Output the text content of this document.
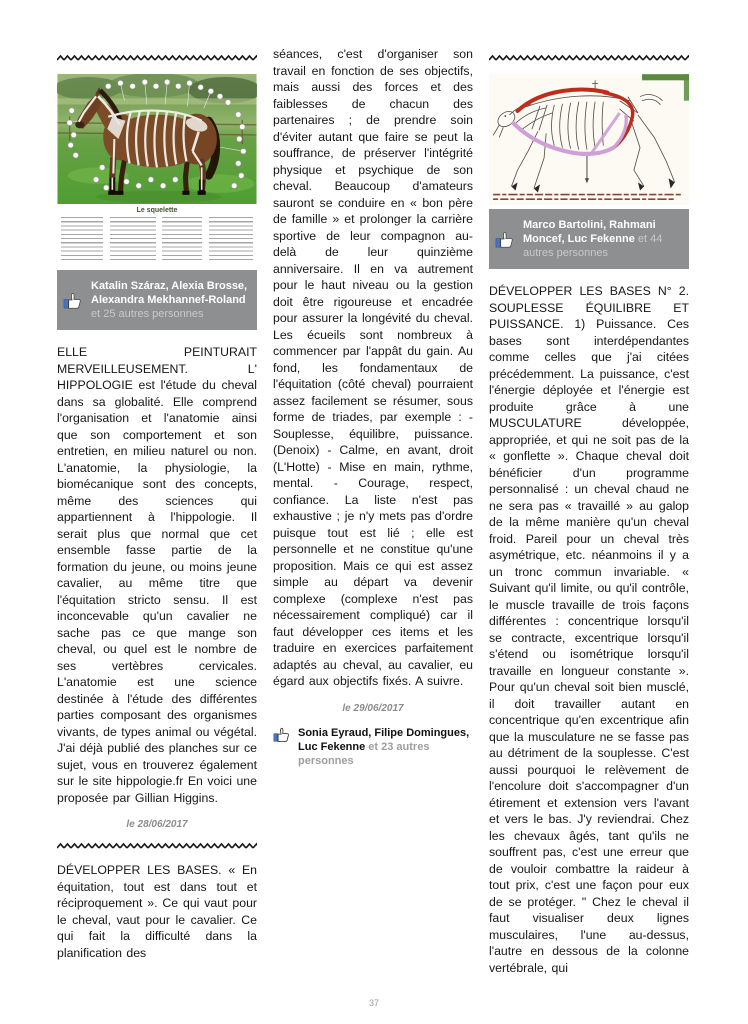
Le squelette
Katalin Száraz, Alexia Brosse, Alexandra Mekhannef-Roland et 25 autres personnes

ELLE PEINTURAIT MERVEILLEUSEMENT. L' HIPPOLOGIE est l'étude du cheval dans sa globalité. Elle comprend l'organisation et l'anatomie ainsi que son comportement et son entretien, en milieu naturel ou non. L'anatomie, la physiologie, la biomécanique sont des concepts, même des sciences qui appartiennent à l'hippologie. Il serait plus que normal que cet ensemble fasse partie de la formation du jeune, ou moins jeune cavalier, au même titre que l'équitation stricto sensu. Il est inconcevable qu'un cavalier ne sache pas ce que mange son cheval, ou quel est le nombre de ses vertèbres cervicales. L'anatomie est une science destinée à l'étude des différentes parties composant des organismes vivants, de types animal ou végétal. J'ai déjà publié des planches sur ce sujet, vous en trouverez également sur le site hippologie.fr En voici une proposée par Gillian Higgins.

le 28/06/2017

DÉVELOPPER LES BASES. « En équitation, tout est dans tout et réciproquement ». Ce qui vaut pour le cheval, vaut pour le cavalier. Ce qui fait la difficulté dans la planification des

séances, c'est d'organiser son travail en fonction de ses objectifs, mais aussi des forces et des faiblesses de chacun des partenaires ; de prendre soin d'éviter autant que faire se peut la souffrance, de préserver l'intégrité physique et psychique de son cheval. Beaucoup d'amateurs sauront se conduire en « bon père de famille » et prolonger la carrière sportive de leur compagnon au-delà de leur quinzième anniversaire. Il en va autrement pour le haut niveau ou la gestion doit être rigoureuse et encadrée pour assurer la longévité du cheval. Les écueils sont nombreux à commencer par l'appât du gain. Au fond, les fondamentaux de l'équitation (côté cheval) pourraient assez facilement se résumer, sous forme de triades, par exemple : - Souplesse, équilibre, puissance. (Denoix) - Calme, en avant, droit (L'Hotte) - Mise en main, rythme, mental. - Courage, respect, confiance. La liste n'est pas exhaustive ; je n'y mets pas d'ordre puisque tout est lié ; elle est personnelle et ne constitue qu'une proposition. Mais ce qui est assez simple au départ va devenir complexe (complexe n'est pas nécessairement compliqué) car il faut développer ces items et les traduire en exercices parfaitement adaptés au cheval, au cavalier, eu égard aux objectifs fixés. A suivre.

le 29/06/2017
Sonia Eyraud, Filipe Domingues, Luc Fekenne et 23 autres personnes
Marco Bartolini, Rahmani Moncef, Luc Fekenne et 44 autres personnes

DÉVELOPPER LES BASES N° 2. SOUPLESSE ÉQUILIBRE ET PUISSANCE. 1) Puissance. Ces bases sont interdépendantes comme celles que j'ai citées précédemment. La puissance, c'est l'énergie déployée et l'énergie est produite grâce à une MUSCULATURE développée, appropriée, et qui ne soit pas de la « gonflette ». Chaque cheval doit bénéficier d'un programme personnalisé : un cheval chaud ne ne sera pas « travaillé » au galop de la même manière qu'un cheval froid. Pareil pour un cheval très asymétrique, etc. néanmoins il y a un tronc commun invariable. « Suivant qu'il limite, ou qu'il contrôle, le muscle travaille de trois façons différentes : concentrique lorsqu'il se contracte, excentrique lorsqu'il s'étend ou isométrique lorsqu'il travaille en longueur constante ». Pour qu'un cheval soit bien musclé, il doit travailler autant en concentrique qu'en excentrique afin que la musculature ne se fasse pas au détriment de la souplesse. C'est aussi pourquoi le relèvement de l'encolure doit s'accompagner d'un étirement et extension vers l'avant et vers le bas. J'y reviendrai. Chez les chevaux âgés, tant qu'ils ne souffrent pas, c'est une erreur que de vouloir combattre la raideur à tout prix, c'est une façon pour eux de se protéger. " Chez le cheval il faut visualiser deux lignes musculaires, l'une au-dessus, l'autre en dessous de la colonne vertébrale, qui

37
